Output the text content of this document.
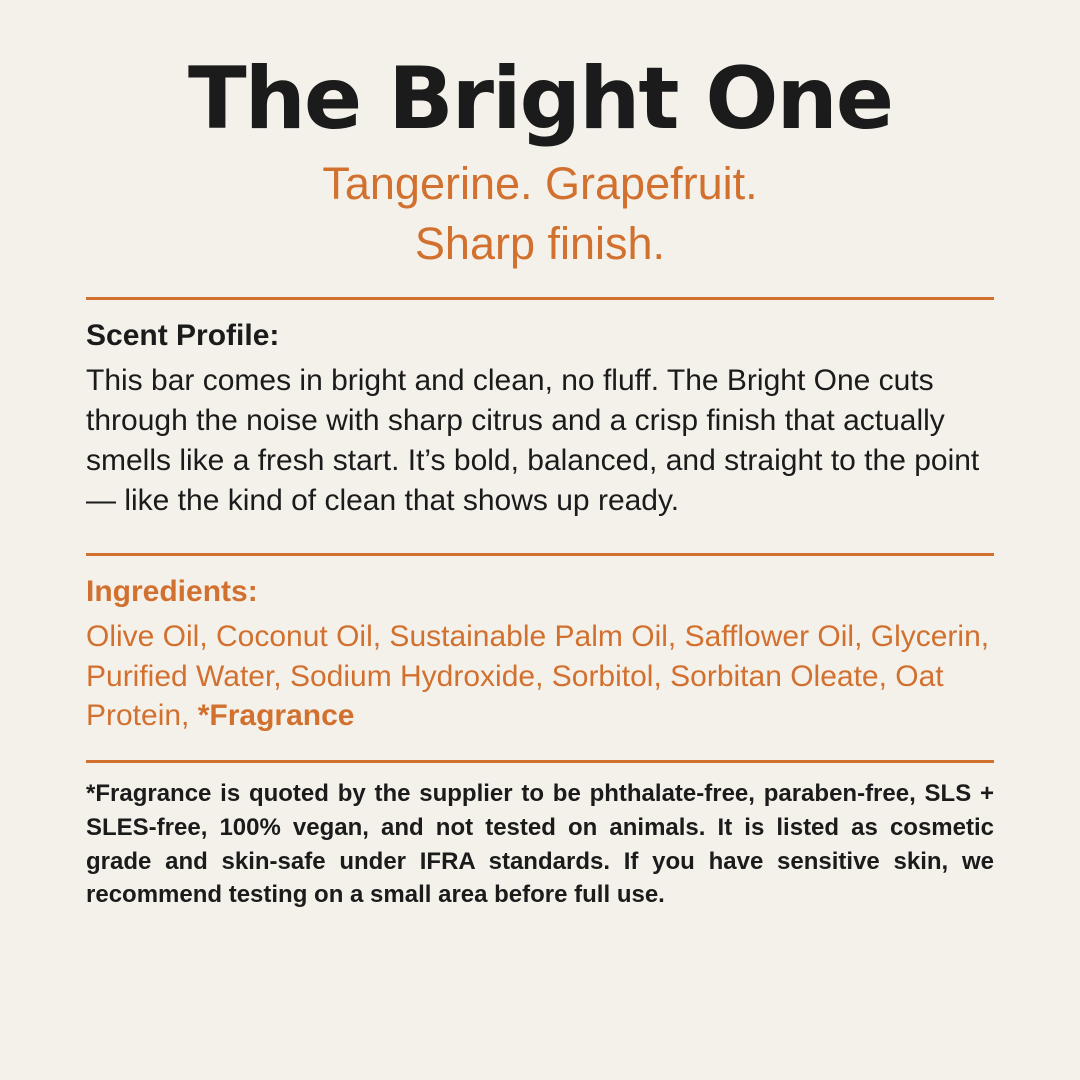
The Bright One
Tangerine. Grapefruit.
Sharp finish.
Scent Profile:

This bar comes in bright and clean, no fluff. The Bright One cuts through the noise with sharp citrus and a crisp finish that actually smells like a fresh start. It’s bold, balanced, and straight to the point — like the kind of clean that shows up ready.

Ingredients:

Olive Oil, Coconut Oil, Sustainable Palm Oil, Safflower Oil, Glycerin, Purified Water, Sodium Hydroxide, Sorbitol, Sorbitan Oleate, Oat Protein, *Fragrance

*Fragrance is quoted by the supplier to be phthalate-free, paraben-free, SLS + SLES-free, 100% vegan, and not tested on animals. It is listed as cosmetic grade and skin-safe under IFRA standards. If you have sensitive skin, we recommend testing on a small area before full use.
